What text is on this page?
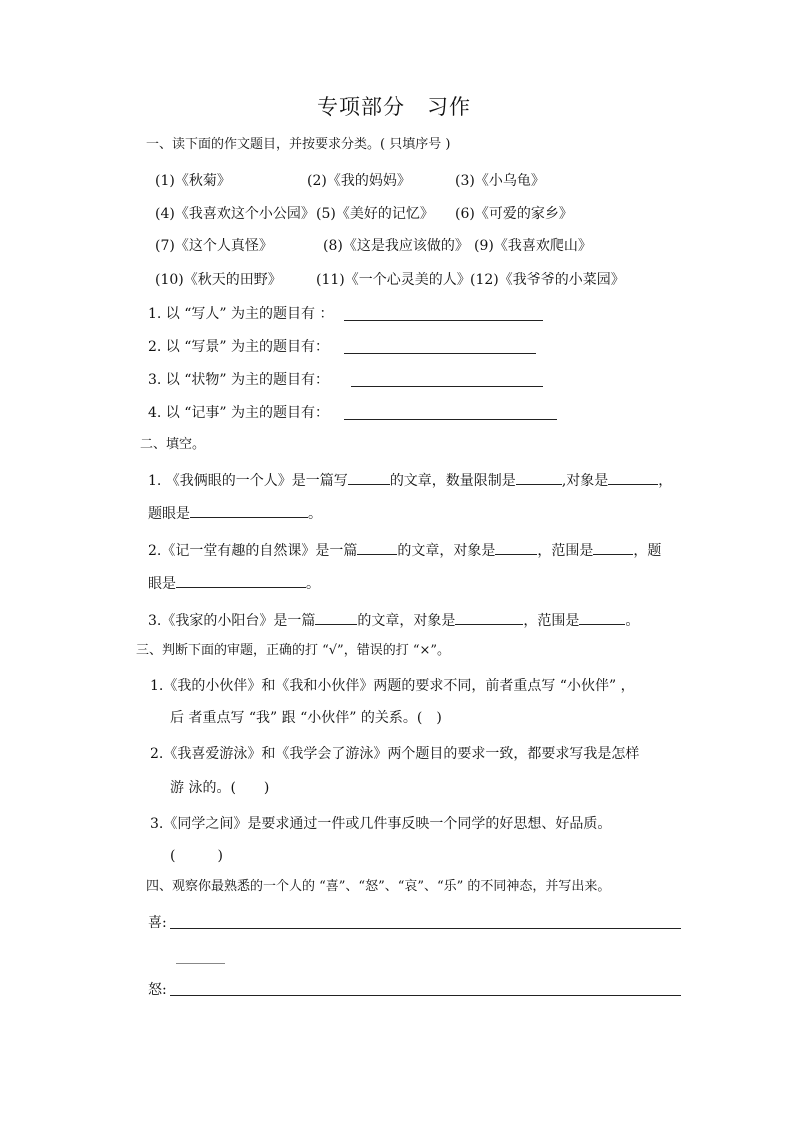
专项部分　习作
一、读下面的作文题目，并按要求分类。( 只填序号 )
(1)《秋菊》	(2)《我的妈妈》	(3)《小乌龟》
(4)《我喜欢这个小公园》 (5)《美好的记忆》 (6)《可爱的家乡》
(7)《这个人真怪》	(8)《这是我应该做的》 (9)《我喜欢爬山》
(10)《秋天的田野》 (11)《一个心灵美的人》 (12)《我爷爷的小菜园》
1. 以 “写人” 为主的题目有 ：
2. 以 “写景” 为主的题目有：
3. 以 “状物” 为主的题目有：
4. 以 “记事” 为主的题目有：
二、填空。
1. 《我俩眼的一个人》是一篇写	的文章，数量限制是	,对象是	，
题眼是	。
2.《记一堂有趣的自然课》是一篇	的文章，对象是	，范围是	，题
眼是	。
3.《我家的小阳台》是一篇	的文章，对象是	，范围是	。
三、判断下面的审题，正确的打 “√”，错误的打 “×”。
1.《我的小伙伴》和《我和小伙伴》两题的要求不同，前者重点写 “小伙伴” ，
后 者重点写 “我” 跟 “小伙伴” 的关系。(　)
2.《我喜爱游泳》和《我学会了游泳》两个题目的要求一致，都要求写我是怎样
游 泳的。(　　)
3.《同学之间》是要求通过一件或几件事反映一个同学的好思想、好品质。
(　　　)
四、观察你最熟悉的一个人的 “喜”、“怒”、“哀”、“乐” 的不同神态，并写出来。
喜:
怒:
